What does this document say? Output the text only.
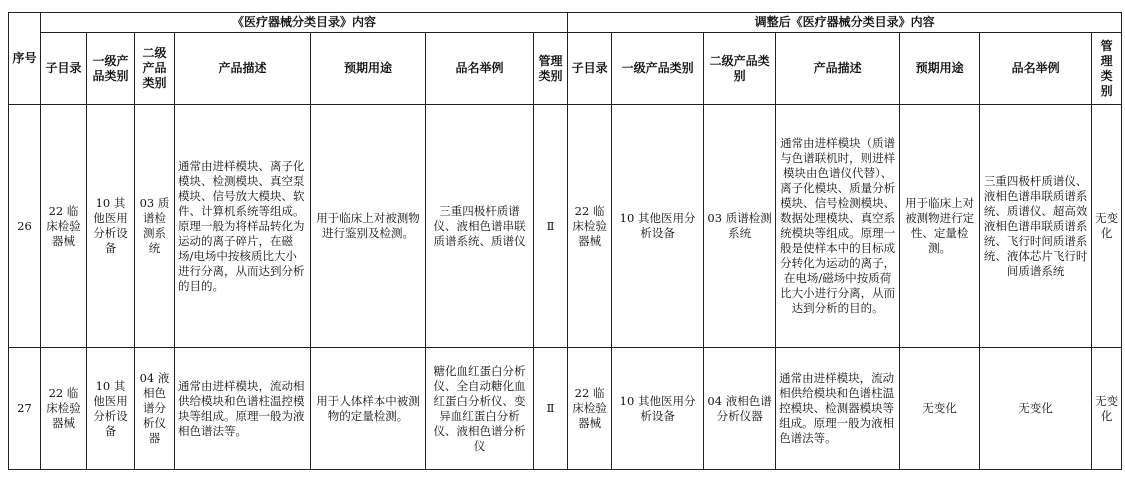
序号	《医疗器械分类目录》内容							调整后《医疗器械分类目录》内容						
	子目录	一级产品类别	二级产品类别	产品描述	预期用途	品名举例	管理类别	子目录	一级产品类别	二级产品类别	产品描述	预期用途	品名举例	管理类别
26	22 临床检验器械	10 其他医用分析设备	03 质谱检测系统	通常由进样模块、离子化模块、检测模块、真空泵模块、信号放大模块、软件、计算机系统等组成。原理一般为将样品转化为运动的离子碎片，在磁场/电场中按核质比大小进行分离，从而达到分析的目的。	用于临床上对被测物进行鉴别及检测。	三重四极杆质谱仪、液相色谱串联质谱系统、质谱仪	Ⅱ	22 临床检验器械	10 其他医用分析设备	03 质谱检测系统	通常由进样模块（质谱与色谱联机时，则进样模块由色谱仪代替）、离子化模块、质量分析模块、信号检测模块、数据处理模块、真空系统模块等组成。原理一般是使样本中的目标成分转化为运动的离子，在电场/磁场中按质荷比大小进行分离，从而达到分析的目的。	用于临床上对被测物进行定性、定量检测。	三重四极杆质谱仪、液相色谱串联质谱系统、质谱仪、超高效液相色谱串联质谱系统、飞行时间质谱系统、液体芯片飞行时间质谱系统	无变化
27	22 临床检验器械	10 其他医用分析设备	04 液相色谱分析仪器	通常由进样模块，流动相供给模块和色谱柱温控模块等组成。原理一般为液相色谱法等。	用于人体样本中被测物的定量检测。	糖化血红蛋白分析仪、全自动糖化血红蛋白分析仪、变异血红蛋白分析仪、液相色谱分析仪	Ⅱ	22 临床检验器械	10 其他医用分析设备	04 液相色谱分析仪器	通常由进样模块，流动相供给模块和色谱柱温控模块、检测器模块等组成。原理一般为液相色谱法等。	无变化	无变化	无变化
